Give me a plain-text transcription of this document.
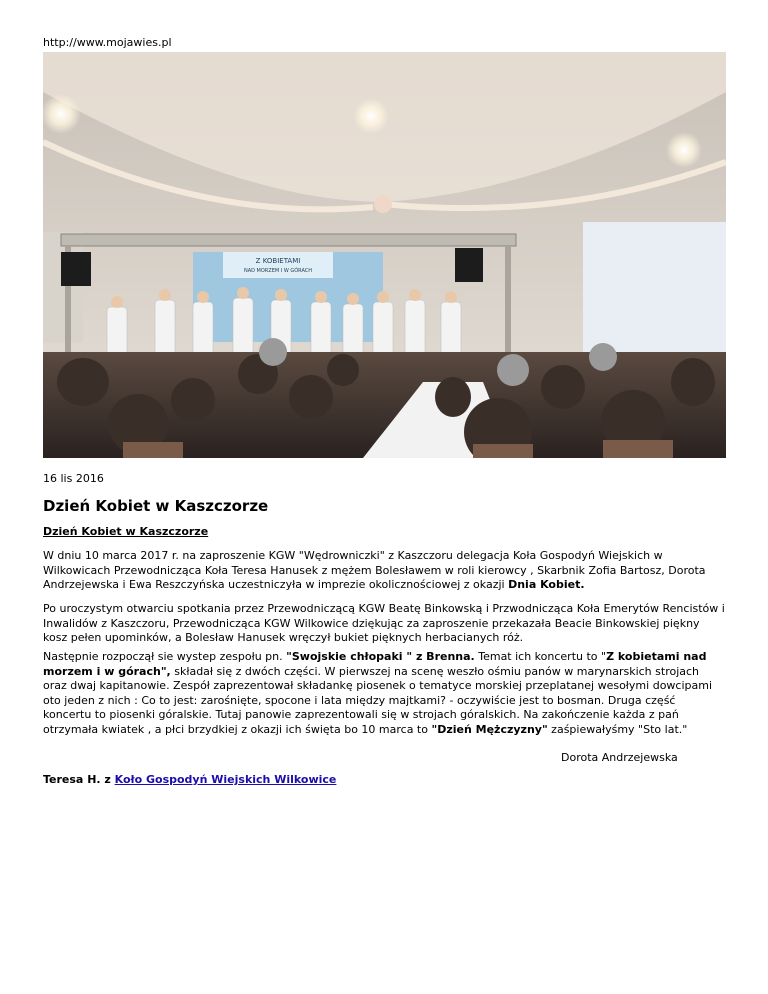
http://www.mojawies.pl
Z KOBIETAMI
NAD MORZEM I W GÓRACH
16 lis 2016
Dzień Kobiet w Kaszczorze
Dzień Kobiet w Kaszczorze

W dniu 10 marca 2017 r. na zaproszenie KGW "Wędrowniczki" z Kaszczoru delegacja Koła Gospodyń Wiejskich w Wilkowicach Przewodnicząca Koła Teresa Hanusek z mężem Bolesławem w roli kierowcy , Skarbnik Zofia Bartosz, Dorota Andrzejewska i Ewa Reszczyńska uczestniczyła w imprezie okolicznościowej z okazji Dnia Kobiet.

Po uroczystym otwarciu spotkania przez Przewodniczącą KGW Beatę Binkowską i Przwodnicząca Koła Emerytów Rencistów i Inwalidów z Kaszczoru, Przewodnicząca KGW Wilkowice dziękując za zaproszenie przekazała Beacie Binkowskiej piękny kosz pełen upominków, a Bolesław Hanusek wręczył bukiet pięknych herbacianych róż.

Następnie rozpoczął sie wystep zespołu pn. "Swojskie chłopaki " z Brenna. Temat ich koncertu to "Z kobietami nad morzem i w górach", składał się z dwóch części. W pierwszej na scenę weszło ośmiu panów w marynarskich strojach oraz dwaj kapitanowie. Zespół zaprezentował składankę piosenek o tematyce morskiej przeplatanej wesołymi dowcipami oto jeden z nich : Co to jest: zarośnięte, spocone i lata między majtkami? - oczywiście jest to bosman. Druga część koncertu to piosenki góralskie. Tutaj panowie zaprezentowali się w strojach góralskich. Na zakończenie każda z pań otrzymała kwiatek , a płci brzydkiej z okazji ich święta bo 10 marca to "Dzień Mężczyzny" zaśpiewałyśmy "Sto lat."

Dorota Andrzejewska
Teresa H. z Koło Gospodyń Wiejskich Wilkowice
